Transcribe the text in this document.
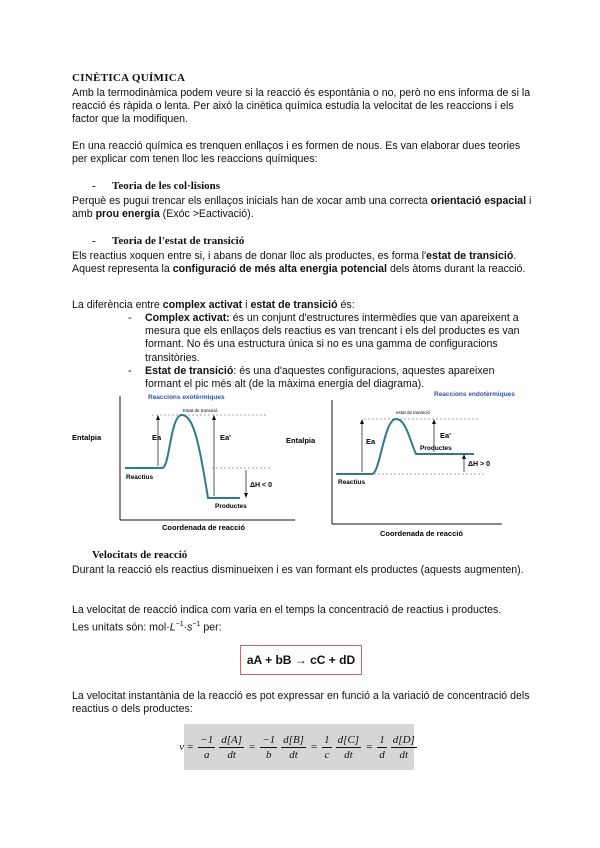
CINÈTICA QUÍMICA

Amb la termodinàmica podem veure si la reacció és espontània o no, però no ens informa de si la reacció és ràpida o lenta. Per això la cinètica química estudia la velocitat de les reaccions i els factor que la modifiquen.

En una reacció química es trenquen enllaços i es formen de nous. Es van elaborar dues teories per explicar com tenen lloc les reaccions químiques:

- Teoria de les col·lisions

Perquè es pugui trencar els enllaços inicials han de xocar amb una correcta orientació espacial i amb prou energia (Exóc >Eactivació).

- Teoria de l'estat de transició

Els reactius xoquen entre si, i abans de donar lloc als productes, es forma l'estat de transició. Aquest representa la configuració de més alta energia potencial dels àtoms durant la reacció.

La diferència entre complex activat i estat de transició és:

- Complex activat: és un conjunt d'estructures intermèdies que van apareixent a mesura que els enllaços dels reactius es van trencant i els del productes es van formant. No és una estructura única si no es una gamma de configuracions transitòries.
- Estat de transició: és una d'aquestes configuracions, aquestes apareixen formant el pic més alt (de la màxima energia del diagrama).
Reaccions exotèrmiques
Entalpia
Estat de transició
Ea	Ea'
Reactius
Productes
ΔH < 0
Coordenada de reacció
Reaccions endotèrmiques
Entalpia
estat de transició
Ea
Ea'
Reactius
Productes
ΔH > 0
Coordenada de reacció
Velocitats de reacció

Durant la reacció els reactius disminueixen i es van formant els productes (aquests augmenten).

La velocitat de reacció indica com varia en el temps la concentració de reactius i productes.

Les unitats són: $mol\cdot L^{-1}\cdot s^{-1}$ per:

aA + bB → cC + dD

La velocitat instantània de la reacció es pot expressar en funció a la variació de concentració dels reactius o dels productes:

$v = \frac{-1}{a} \frac{d[A]}{dt} = \frac{-1}{b} \frac{d[B]}{dt} = \frac{1}{c} \frac{d[C]}{dt} = \frac{1}{d} \frac{d[D]}{dt}$
